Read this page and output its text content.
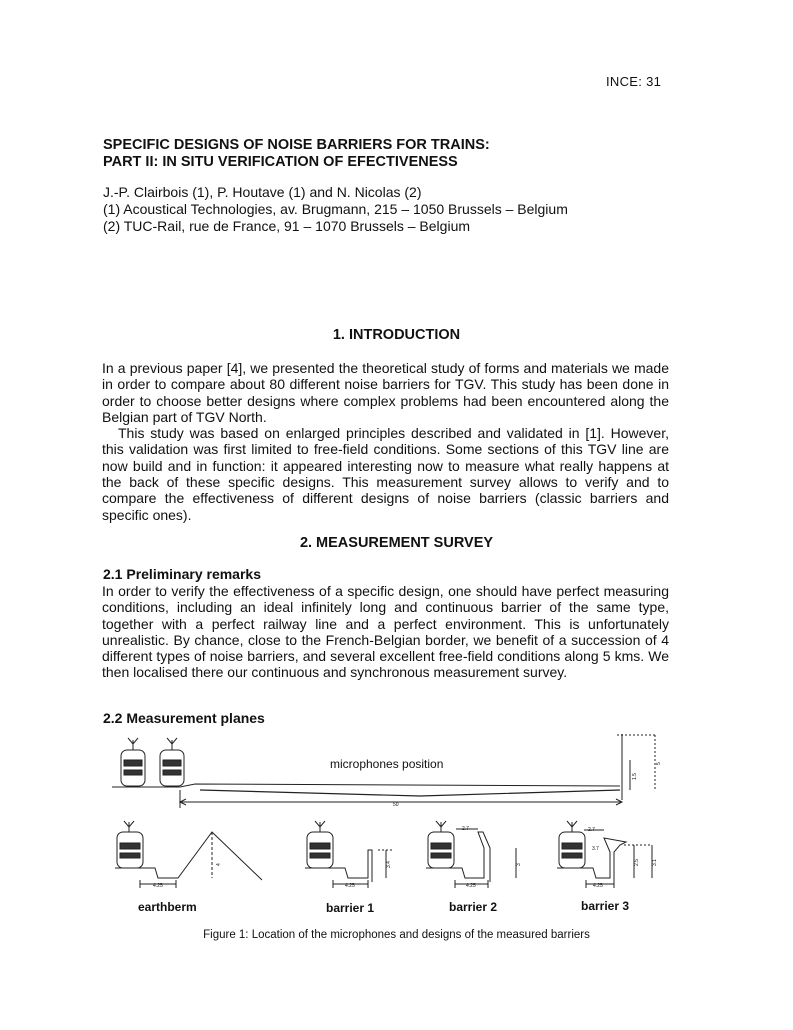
INCE: 31
SPECIFIC DESIGNS OF NOISE BARRIERS FOR TRAINS:
PART II: IN SITU VERIFICATION OF EFECTIVENESS
J.-P. Clairbois (1), P. Houtave (1) and N. Nicolas (2)
(1) Acoustical Technologies, av. Brugmann, 215 – 1050 Brussels – Belgium
(2) TUC-Rail, rue de France, 91 – 1070 Brussels – Belgium
1. INTRODUCTION

In a previous paper [4], we presented the theoretical study of forms and materials we made in order to compare about 80 different noise barriers for TGV. This study has been done in order to choose better designs where complex problems had been encountered along the Belgian part of TGV North.

This study was based on enlarged principles described and validated in [1]. However, this validation was first limited to free-field conditions. Some sections of this TGV line are now build and in function: it appeared interesting now to measure what really happens at the back of these specific designs. This measurement survey allows to verify and to compare the effectiveness of different designs of noise barriers (classic barriers and specific ones).

2. MEASUREMENT SURVEY
2.1 Preliminary remarks

In order to verify the effectiveness of a specific design, one should have perfect measuring conditions, including an ideal infinitely long and continuous barrier of the same type, together with a perfect railway line and a perfect environment. This is unfortunately unrealistic. By chance, close to the French-Belgian border, we benefit of a succession of 4 different types of noise barriers, and several excellent free-field conditions along 5 kms. We then localised there our continuous and synchronous measurement survey.

2.2 Measurement planes
microphones position
50
1.5
5
4.25
4
4.25
3.4
2.7
3
4.25
2.7
3.7
2.5 3.1
4.25
earthberm	barrier 1	barrier 2	barrier 3
Figure 1: Location of the microphones and designs of the measured barriers
